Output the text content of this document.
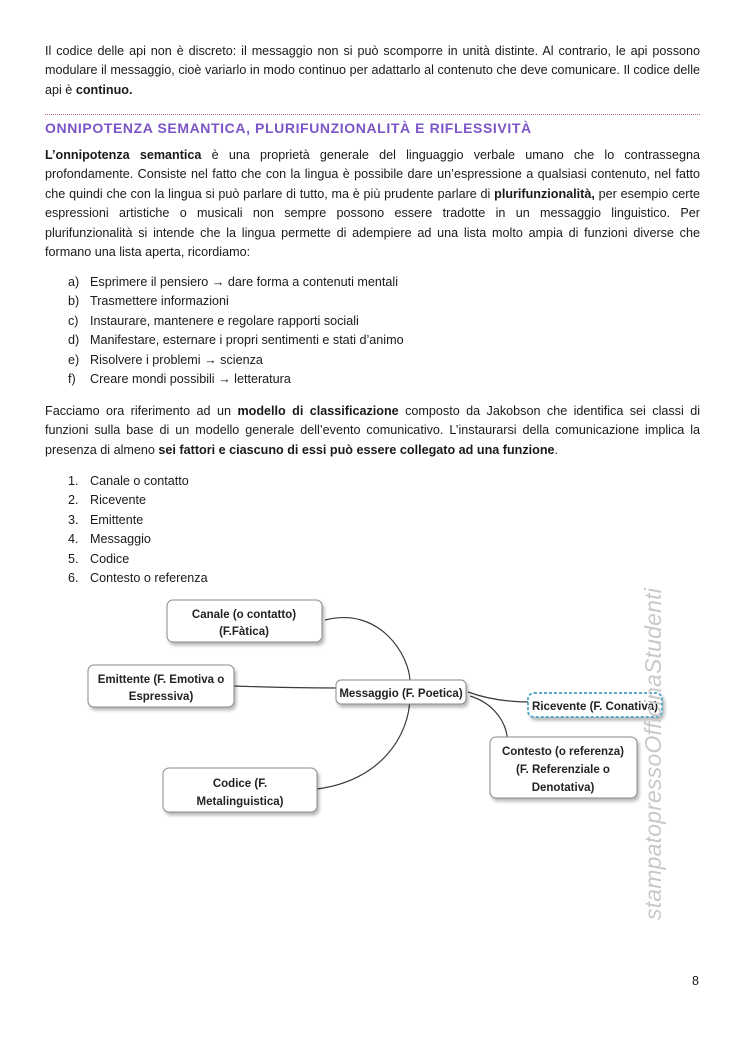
Il codice delle api non è discreto: il messaggio non si può scomporre in unità distinte. Al contrario, le api possono modulare il messaggio, cioè variarlo in modo continuo per adattarlo al contenuto che deve comunicare. Il codice delle api è continuo.

ONNIPOTENZA SEMANTICA, PLURIFUNZIONALITÀ E RIFLESSIVITÀ

L’onnipotenza semantica è una proprietà generale del linguaggio verbale umano che lo contrassegna profondamente. Consiste nel fatto che con la lingua è possibile dare un’espressione a qualsiasi contenuto, nel fatto che quindi che con la lingua si può parlare di tutto, ma è più prudente parlare di plurifunzionalità, per esempio certe espressioni artistiche o musicali non sempre possono essere tradotte in un messaggio linguistico. Per plurifunzionalità si intende che la lingua permette di adempiere ad una lista molto ampia di funzioni diverse che formano una lista aperta, ricordiamo:

a) Esprimere il pensiero → dare forma a contenuti mentali
b) Trasmettere informazioni
c) Instaurare, mantenere e regolare rapporti sociali
d) Manifestare, esternare i propri sentimenti e stati d’animo
e) Risolvere i problemi → scienza
f) Creare mondi possibili → letteratura

Facciamo ora riferimento ad un modello di classificazione composto da Jakobson che identifica sei classi di funzioni sulla base di un modello generale dell’evento comunicativo. L’instaurarsi della comunicazione implica la presenza di almeno sei fattori e ciascuno di essi può essere collegato ad una funzione.

1. Canale o contatto
2. Ricevente
3. Emittente
4. Messaggio
5. Codice
6. Contesto o referenza
Canale (o contatto)
(F.Fàtica)
Emittente (F. Emotiva o
Espressiva)	Messaggio (F. Poetica)
Ricevente (F. Conativa)
Codice (F.
Metalinguistica)
Contesto (o referenza)
(F. Referenziale o
Denotativa) stampatopressoOfficinaStudenti
8
